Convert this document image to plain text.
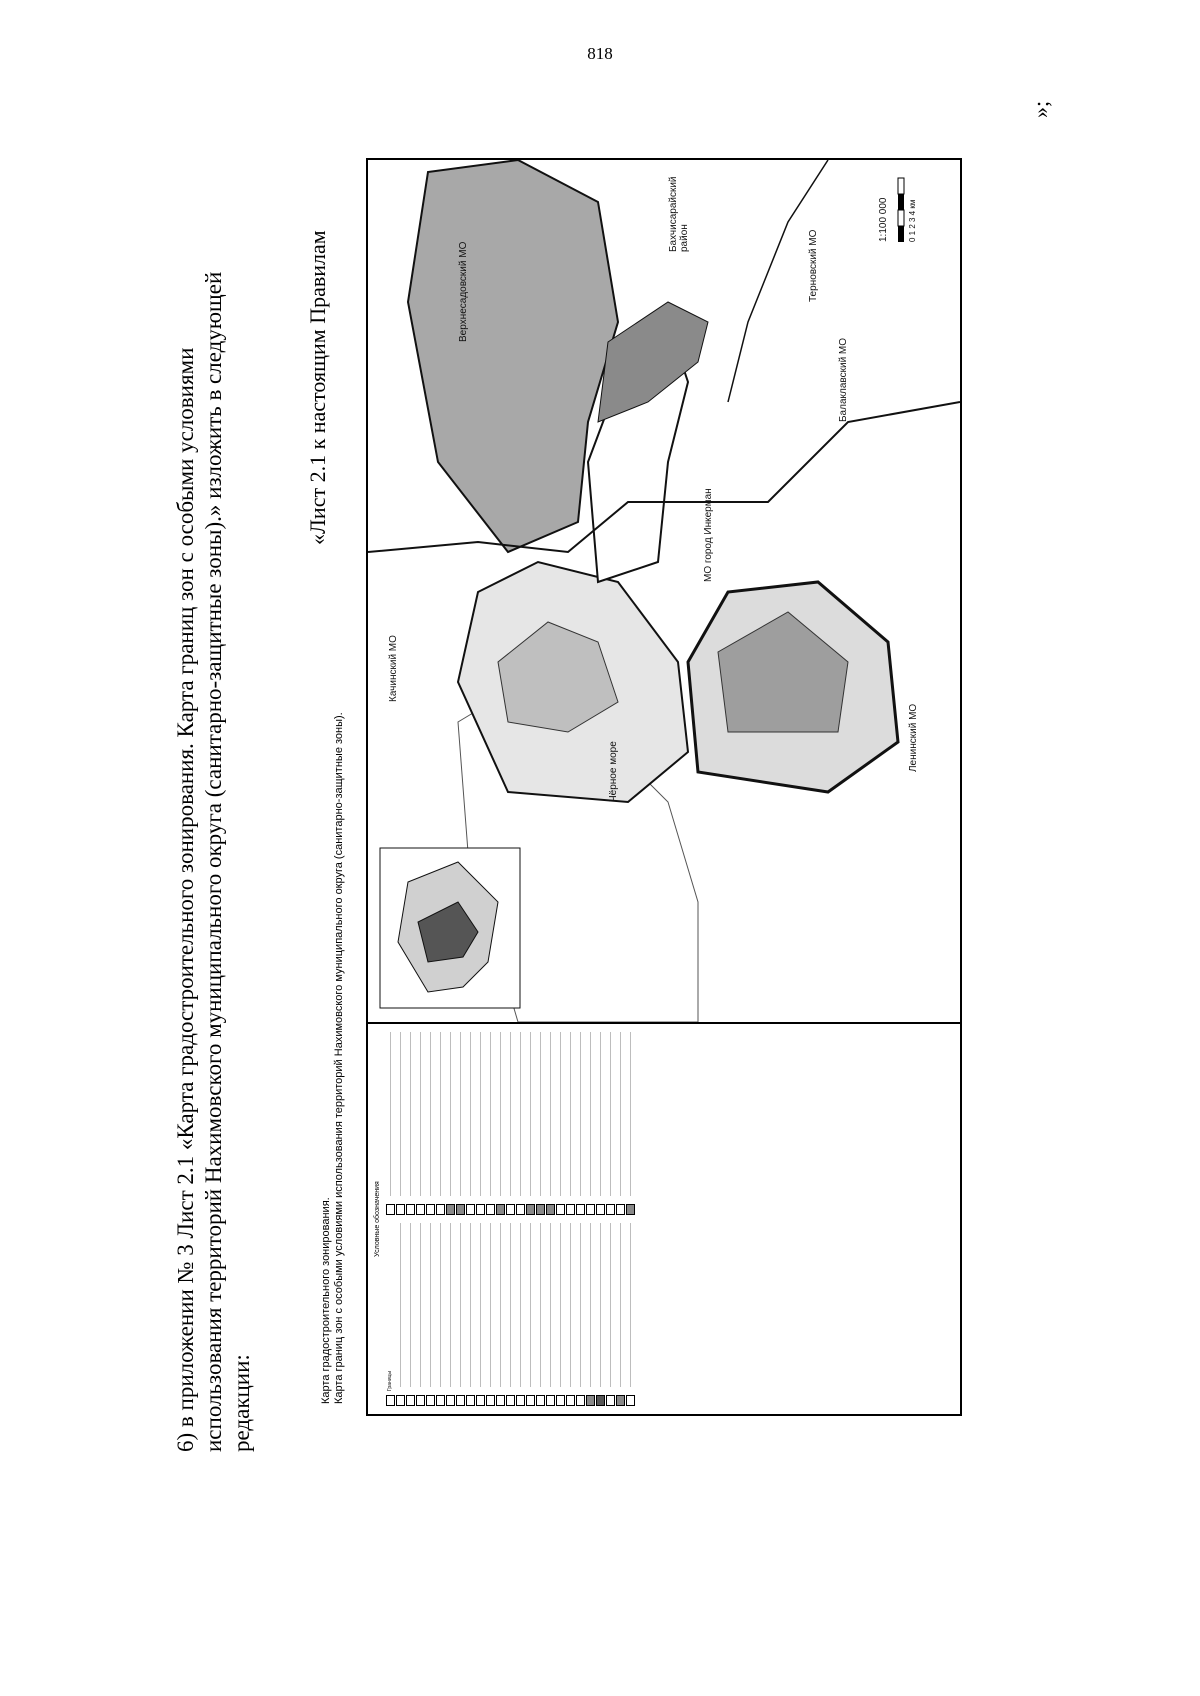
818
6) в приложении № 3 Лист 2.1 «Карта градостроительного зонирования. Карта границ зон с особыми условиями использования территорий Нахимовского муниципального округа (санитарно-защитные зоны).» изложить в следующей редакции:
«Лист 2.1 к настоящим Правилам
Карта градостроительного зонирования. Карта границ зон с особыми условиями использования территорий Нахимовского муниципального округа (санитарно-защитные зоны).	Условные обозначения
Границы
Чёрное море
Качинский МО
МО город Инкерман
Ленинский МО
Балаклавский МО
Верхнесадовский МО	Терновский МО
Бахчисарайский район	1:100 000 0 1 2 3 4 км
»;
